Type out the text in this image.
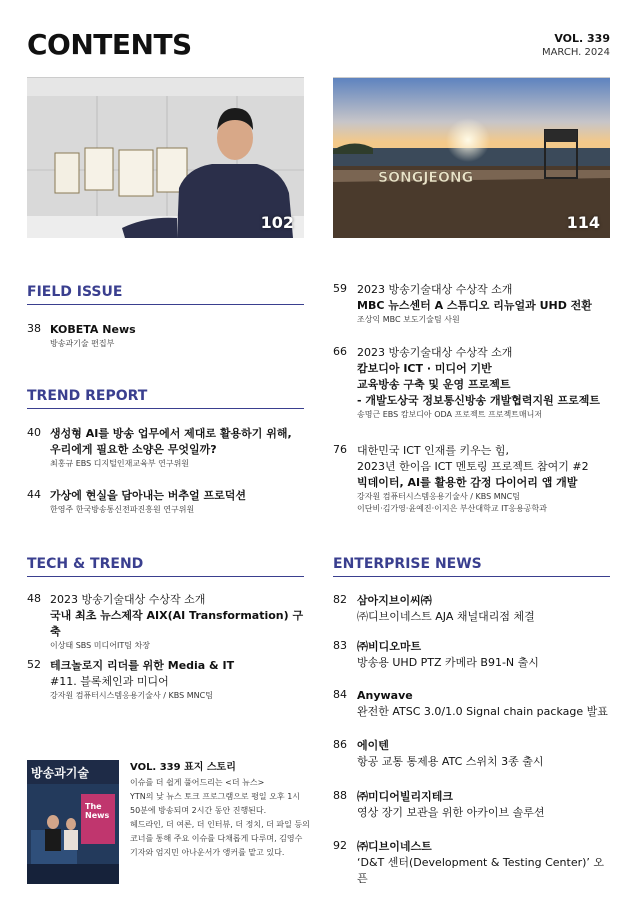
CONTENTS	VOL. 339
MARCH. 2024
102
SONGJEONG
114
FIELD ISSUE
38 KOBETA News
방송과기술 편집부
TREND REPORT
40 생성형 AI를 방송 업무에서 제대로 활용하기 위해,
우리에게 필요한 소양은 무엇일까?
최홍규 EBS 디지털인재교육부 연구위원
44 가상에 현실을 담아내는 버추얼 프로덕션
한영주 한국방송통신전파진흥원 연구위원
TECH & TREND
48 2023 방송기술대상 수상작 소개
국내 최초 뉴스제작 AIX(AI Transformation) 구축
이상태 SBS 미디어IT팀 차장
52 테크놀로지 리더를 위한 Media & IT
#11. 블록체인과 미디어
강자원 컴퓨터시스템응용기술사 / KBS MNC팀
방송과기술
The News
VOL. 339 표지 스토리
이슈를 더 쉽게 풀어드리는 <더 뉴스>
YTN의 낮 뉴스 토크 프로그램으로 평일 오후 1시
50분에 방송되며 2시간 동안 진행된다.
헤드라인, 더 여론, 더 인터뷰, 더 정치, 더 파일 등의
코너를 통해 주요 이슈를 다채롭게 다루며, 김영수
기자와 엄지민 아나운서가 앵커를 맡고 있다.
59 2023 방송기술대상 수상작 소개
MBC 뉴스센터 A 스튜디오 리뉴얼과 UHD 전환
조상익 MBC 보도기술팀 사원
66 2023 방송기술대상 수상작 소개
캄보디아 ICT · 미디어 기반
교육방송 구축 및 운영 프로젝트
- 개발도상국 정보통신방송 개발협력지원 프로젝트
송명근 EBS 캄보디아 ODA 프로젝트 프로젝트매니저
76 대한민국 ICT 인재를 키우는 힘,
2023년 한이음 ICT 멘토링 프로젝트 참여기 #2
빅데이터, AI를 활용한 감정 다이어리 앱 개발
강자원 컴퓨터시스템응용기술사 / KBS MNC팀
이단비·김가영·윤예진·이지은 부산대학교 IT응용공학과
ENTERPRISE NEWS
82 삼아지브이씨㈜
㈜디브이네스트 AJA 채널대리점 체결
83 ㈜비디오마트
방송용 UHD PTZ 카메라 B91-N 출시
84 Anywave
완전한 ATSC 3.0/1.0 Signal chain package 발표
86 에이텐
항공 교통 통제용 ATC 스위치 3종 출시
88 ㈜미디어빌리지테크
영상 장기 보관을 위한 아카이브 솔루션
92 ㈜디브이네스트
‘D&T 센터(Development & Testing Center)’ 오픈
